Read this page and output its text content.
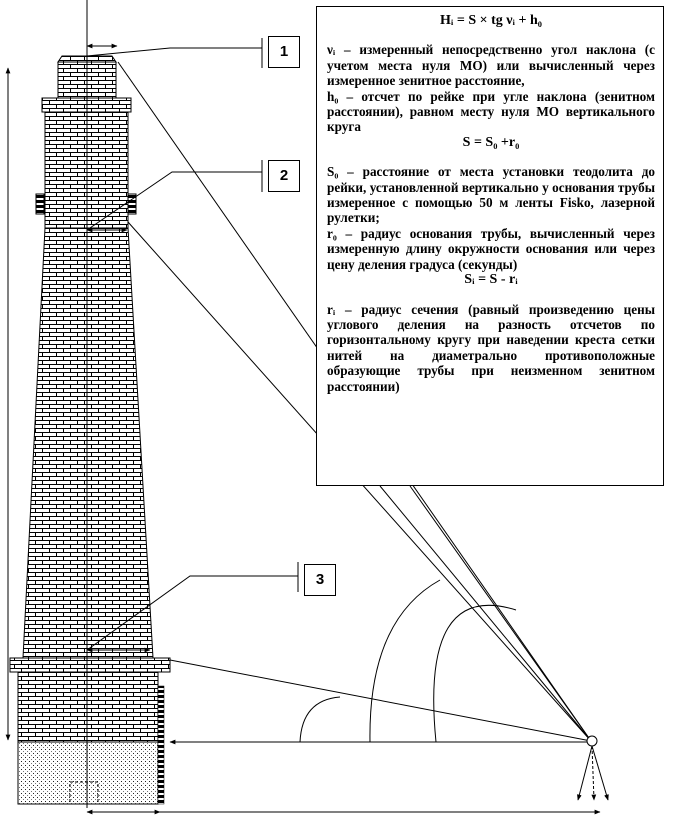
1
2
3

Hᵢ = S × tg νᵢ + h₀

νᵢ – измеренный непосредственно угол наклона (с учетом места нуля МО) или вычисленный через измеренное зенитное расстояние,

h₀ – отсчет по рейке при угле наклона (зенитном расстоянии), равном месту нуля МО вертикального круга

S = S₀ +r₀

S₀ – расстояние от места установки теодолита до рейки, установленной вертикально у основания трубы измеренное с помощью 50 м ленты Fisko, лазерной рулетки;

r₀ – радиус основания трубы, вычисленный через измеренную длину окружности основания или через цену деления градуса (секунды)

Sᵢ = S - rᵢ

rᵢ – радиус сечения (равный произведению цены углового деления на разность отсчетов по горизонтальному кругу при наведении креста сетки нитей на диаметрально противоположные образующие трубы при неизменном зенитном расстоянии)
